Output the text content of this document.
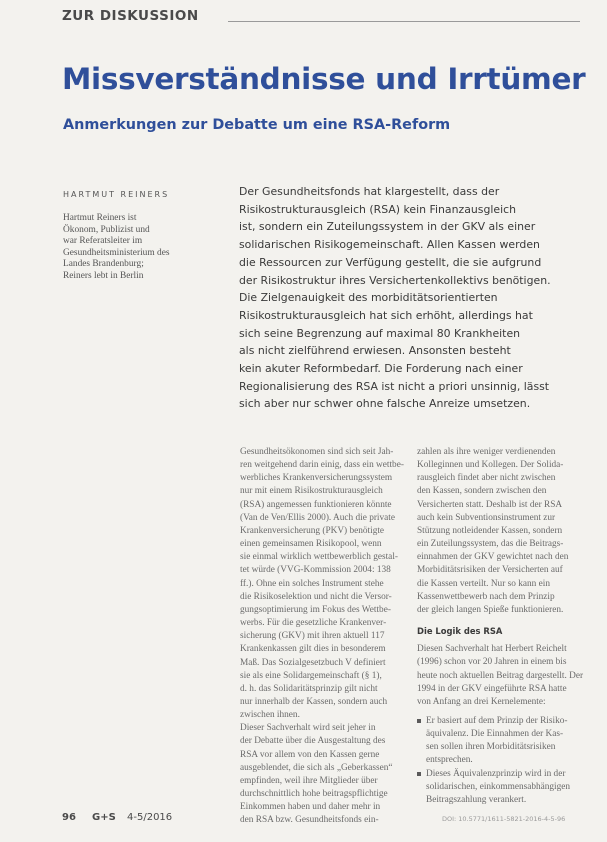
ZUR DISKUSSION
Missverständnisse und Irrtümer
Anmerkungen zur Debatte um eine RSA-Reform
HARTMUT REINERS
Hartmut Reiners ist
Ökonom, Publizist und
war Referatsleiter im
Gesundheitsministerium des
Landes Brandenburg;
Reiners lebt in Berlin
Der Gesundheitsfonds hat klargestellt, dass der
Risikostrukturausgleich (RSA) kein Finanzausgleich
ist, sondern ein Zuteilungssystem in der GKV als einer
solidarischen Risikogemeinschaft. Allen Kassen werden
die Ressourcen zur Verfügung gestellt, die sie aufgrund
der Risikostruktur ihres Versichertenkollektivs benötigen.
Die Zielgenauigkeit des morbiditätsorientierten
Risikostrukturausgleich hat sich erhöht, allerdings hat
sich seine Begrenzung auf maximal 80 Krankheiten
als nicht zielführend erwiesen. Ansonsten besteht
kein akuter Reformbedarf. Die Forderung nach einer
Regionalisierung des RSA ist nicht a priori unsinnig, lässt
sich aber nur schwer ohne falsche Anreize umsetzen.
Gesundheitsökonomen sind sich seit Jah-
ren weitgehend darin einig, dass ein wettbe-
werbliches Krankenversicherungssystem
nur mit einem Risikostrukturausgleich
(RSA) angemessen funktionieren könnte
(Van de Ven/Ellis 2000). Auch die private
Krankenversicherung (PKV) benötigte
einen gemeinsamen Risikopool, wenn
sie einmal wirklich wettbewerblich gestal-
tet würde (VVG-Kommission 2004: 138
ff.). Ohne ein solches Instrument stehe
die Risikoselektion und nicht die Versor-
gungsoptimierung im Fokus des Wettbe-
werbs. Für die gesetzliche Krankenver-
sicherung (GKV) mit ihren aktuell 117
Krankenkassen gilt dies in besonderem
Maß. Das Sozialgesetzbuch V definiert
sie als eine Solidargemeinschaft (§ 1),
d. h. das Solidaritätsprinzip gilt nicht
nur innerhalb der Kassen, sondern auch
zwischen ihnen.
Dieser Sachverhalt wird seit jeher in
der Debatte über die Ausgestaltung des
RSA vor allem von den Kassen gerne
ausgeblendet, die sich als „Geberkassen“
empfinden, weil ihre Mitglieder über
durchschnittlich hohe beitragspflichtige
Einkommen haben und daher mehr in
den RSA bzw. Gesundheitsfonds ein-
zahlen als ihre weniger verdienenden
Kolleginnen und Kollegen. Der Solida-
rausgleich findet aber nicht zwischen
den Kassen, sondern zwischen den
Versicherten statt. Deshalb ist der RSA
auch kein Subventionsinstrument zur
Stützung notleidender Kassen, sondern
ein Zuteilungssystem, das die Beitrags-
einnahmen der GKV gewichtet nach den
Morbiditätsrisiken der Versicherten auf
die Kassen verteilt. Nur so kann ein
Kassenwettbewerb nach dem Prinzip
der gleich langen Spieße funktionieren.
Die Logik des RSA
Diesen Sachverhalt hat Herbert Reichelt
(1996) schon vor 20 Jahren in einem bis
heute noch aktuellen Beitrag dargestellt. Der
1994 in der GKV eingeführte RSA hatte
von Anfang an drei Kernelemente:
Er basiert auf dem Prinzip der Risiko-
äquivalenz. Die Einnahmen der Kas-
sen sollen ihren Morbiditätsrisiken
entsprechen.
Dieses Äquivalenzprinzip wird in der
solidarischen, einkommensabhängigen
Beitragszahlung verankert.
96 G+S 4-5/2016	DOI: 10.5771/1611-5821-2016-4-5-96
